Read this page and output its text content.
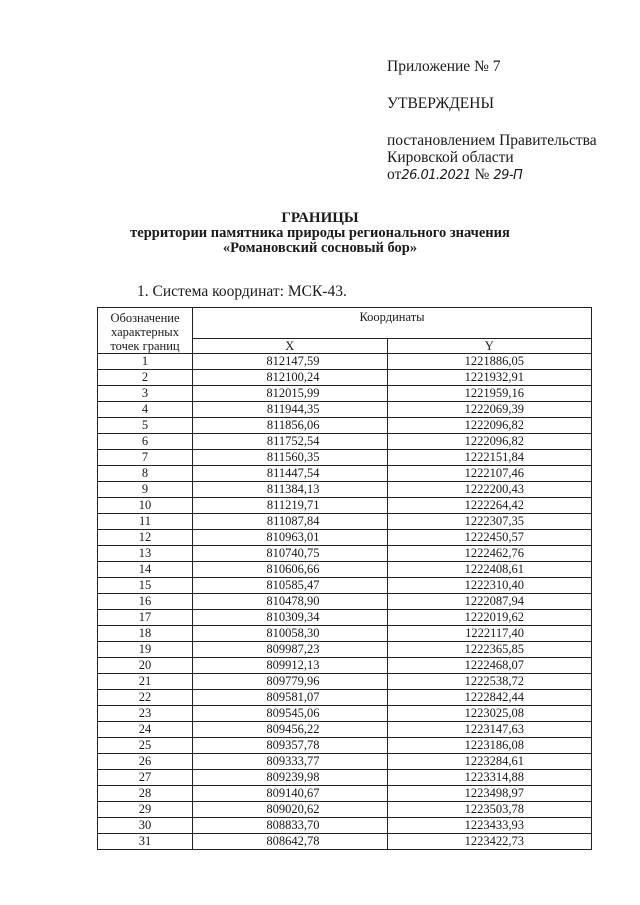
Приложение № 7

УТВЕРЖДЕНЫ

постановлением Правительства

Кировской области

от26.01.2021 № 29-П

ГРАНИЦЫ
территории памятника природы регионального значения
«Романовский сосновый бор»
1. Система координат: МСК-43.
Обозначение характерных точек границ	Координаты	
	X	Y
1	812147,59	1221886,05
2	812100,24	1221932,91
3	812015,99	1221959,16
4	811944,35	1222069,39
5	811856,06	1222096,82
6	811752,54	1222096,82
7	811560,35	1222151,84
8	811447,54	1222107,46
9	811384,13	1222200,43
10	811219,71	1222264,42
11	811087,84	1222307,35
12	810963,01	1222450,57
13	810740,75	1222462,76
14	810606,66	1222408,61
15	810585,47	1222310,40
16	810478,90	1222087,94
17	810309,34	1222019,62
18	810058,30	1222117,40
19	809987,23	1222365,85
20	809912,13	1222468,07
21	809779,96	1222538,72
22	809581,07	1222842,44
23	809545,06	1223025,08
24	809456,22	1223147,63
25	809357,78	1223186,08
26	809333,77	1223284,61
27	809239,98	1223314,88
28	809140,67	1223498,97
29	809020,62	1223503,78
30	808833,70	1223433,93
31	808642,78	1223422,73
